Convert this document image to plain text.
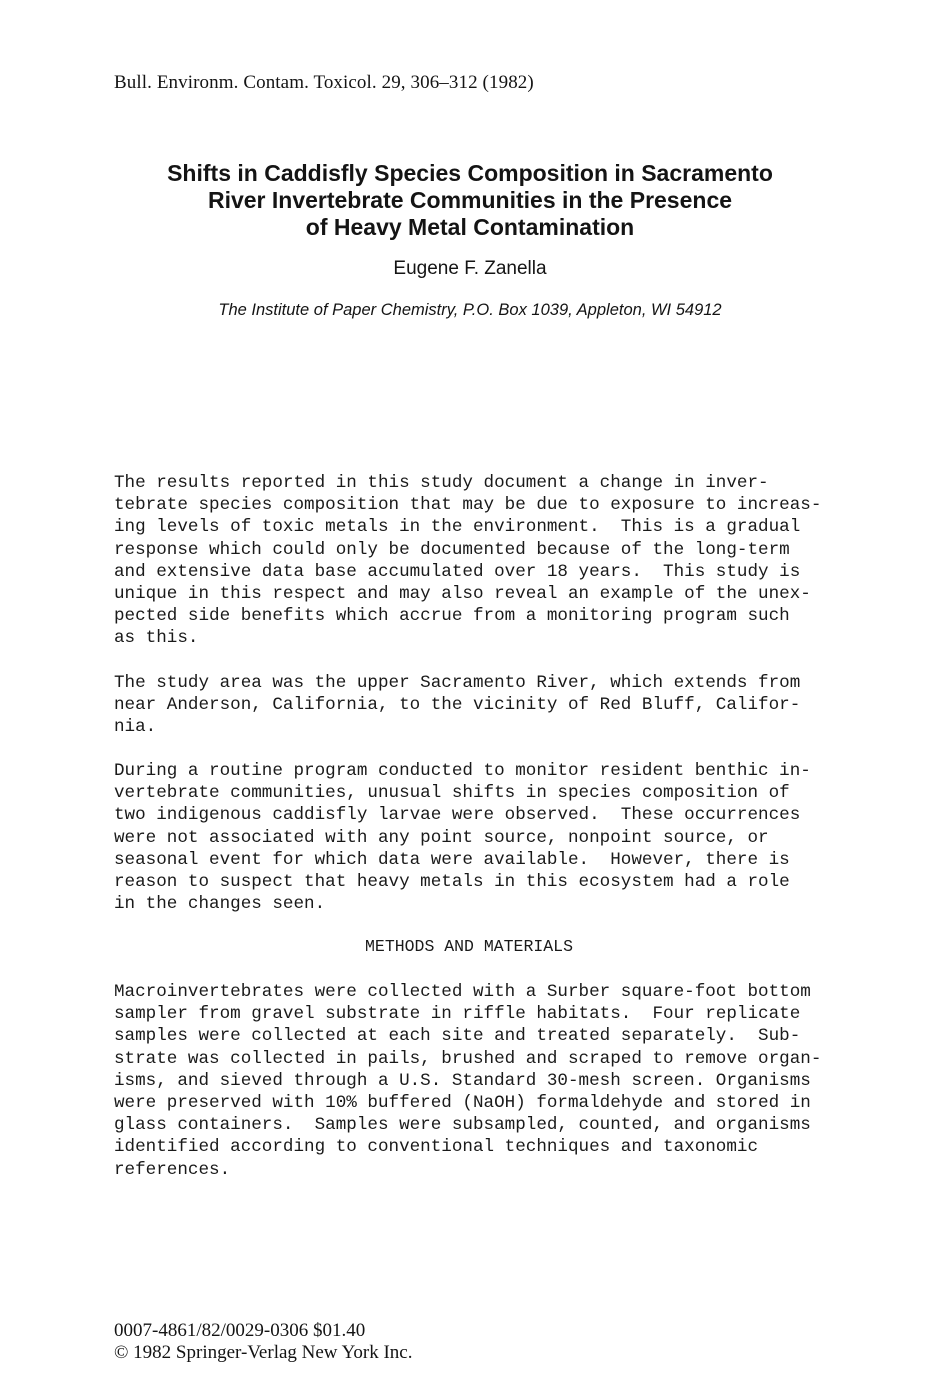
Bull. Environm. Contam. Toxicol. 29, 306–312 (1982)
Shifts in Caddisfly Species Composition in Sacramento
River Invertebrate Communities in the Presence
of Heavy Metal Contamination
Eugene F. Zanella
The Institute of Paper Chemistry, P.O. Box 1039, Appleton, WI 54912
The results reported in this study document a change in inver-
tebrate species composition that may be due to exposure to increas-
ing levels of toxic metals in the environment.  This is a gradual
response which could only be documented because of the long-term
and extensive data base accumulated over 18 years.  This study is
unique in this respect and may also reveal an example of the unex-
pected side benefits which accrue from a monitoring program such
as this.
The study area was the upper Sacramento River, which extends from
near Anderson, California, to the vicinity of Red Bluff, Califor-
nia.
During a routine program conducted to monitor resident benthic in-
vertebrate communities, unusual shifts in species composition of
two indigenous caddisfly larvae were observed.  These occurrences
were not associated with any point source, nonpoint source, or
seasonal event for which data were available.  However, there is
reason to suspect that heavy metals in this ecosystem had a role
in the changes seen.
METHODS AND MATERIALS
Macroinvertebrates were collected with a Surber square-foot bottom
sampler from gravel substrate in riffle habitats.  Four replicate
samples were collected at each site and treated separately.  Sub-
strate was collected in pails, brushed and scraped to remove organ-
isms, and sieved through a U.S. Standard 30-mesh screen. Organisms
were preserved with 10% buffered (NaOH) formaldehyde and stored in
glass containers.  Samples were subsampled, counted, and organisms
identified according to conventional techniques and taxonomic
references.
0007-4861/82/0029-0306 $01.40
© 1982 Springer-Verlag New York Inc.
